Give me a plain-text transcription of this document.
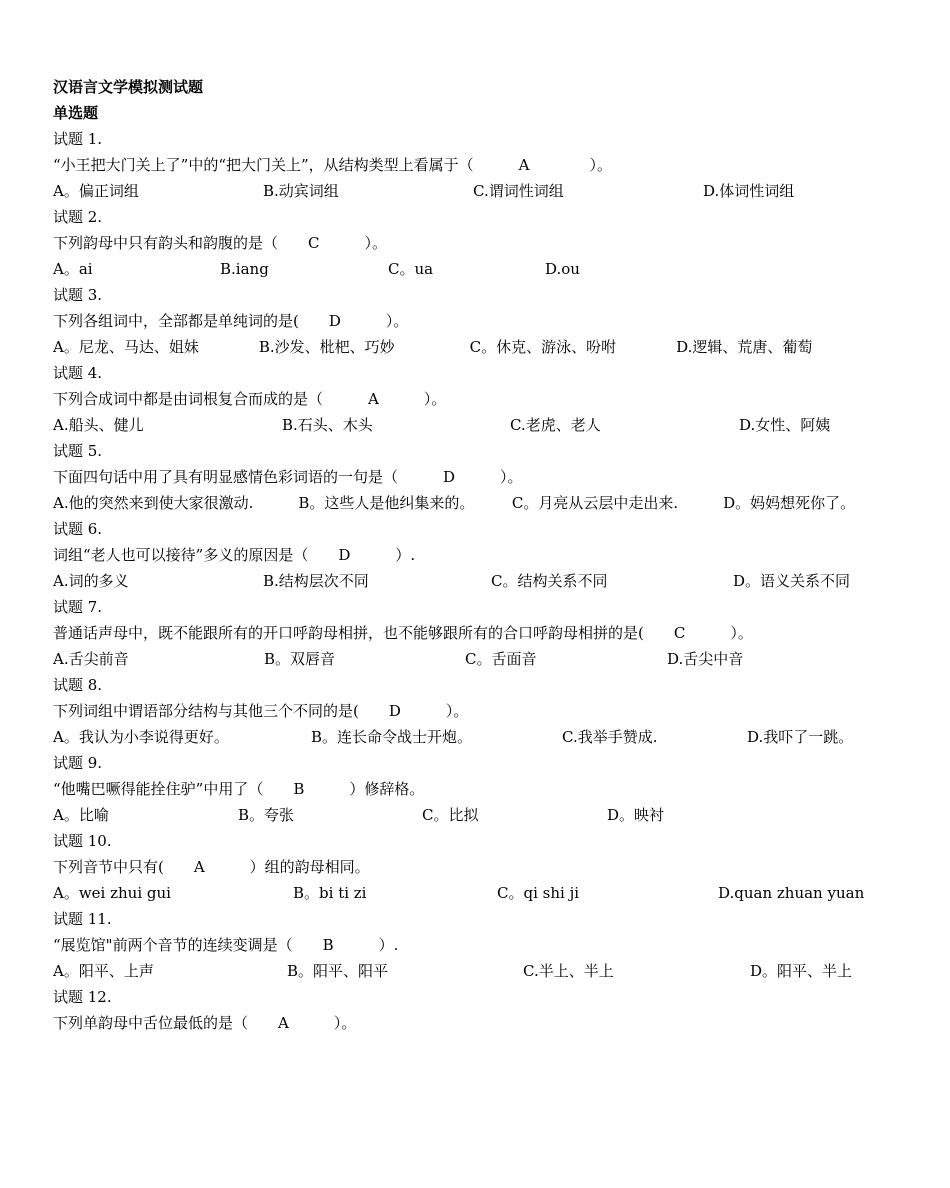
汉语言文学模拟测试题
单选题
试题 1.
“小王把大门关上了”中的“把大门关上”，从结构类型上看属于（　　　A　　　　）。
A。偏正词组	B.动宾词组	C.谓词性词组	D.体词性词组
试题 2.
下列韵母中只有韵头和韵腹的是（　　C　　　）。
A。ai	B.iang	C。ua	D.ou
试题 3.
下列各组词中，全部都是单纯词的是(　　D　　　）。
A。尼龙、马达、姐妹　　　　B.沙发、枇杷、巧妙　　　　　C。休克、游泳、吩咐　　　　D.逻辑、荒唐、葡萄
试题 4.
下列合成词中都是由词根复合而成的是（　　　A　　　）。
A.船头、健儿	B.石头、木头	C.老虎、老人	D.女性、阿姨
试题 5.
下面四句话中用了具有明显感情色彩词语的一句是（　　　D　　　）。
A.他的突然来到使大家很激动.　　　B。这些人是他纠集来的。　　　C。月亮从云层中走出来.　　　D。妈妈想死你了。
试题 6.
词组“老人也可以接待”多义的原因是（　　D　　　）.
A.词的多义	B.结构层次不同	C。结构关系不同	D。语义关系不同
试题 7.
普通话声母中，既不能跟所有的开口呼韵母相拼，也不能够跟所有的合口呼韵母相拼的是(　　C　　　）。
A.舌尖前音	B。双唇音	C。舌面音	D.舌尖中音
试题 8.
下列词组中谓语部分结构与其他三个不同的是(　　D　　　）。
A。我认为小李说得更好。	B。连长命令战士开炮。	C.我举手赞成.	D.我吓了一跳。
试题 9.
“他嘴巴噘得能拴住驴”中用了（　　B　　　）修辞格。
A。比喻	B。夸张	C。比拟	D。映衬
试题 10.
下列音节中只有(　　A　　　）组的韵母相同。
A。wei zhui gui	B。bi ti zi	C。qi shi ji	D.quan zhuan yuan
试题 11.
“展览馆"前两个音节的连续变调是（　　B　　　）.
A。阳平、上声	B。阳平、阳平	C.半上、半上	D。阳平、半上
试题 12.
下列单韵母中舌位最低的是（　　A　　　）。
